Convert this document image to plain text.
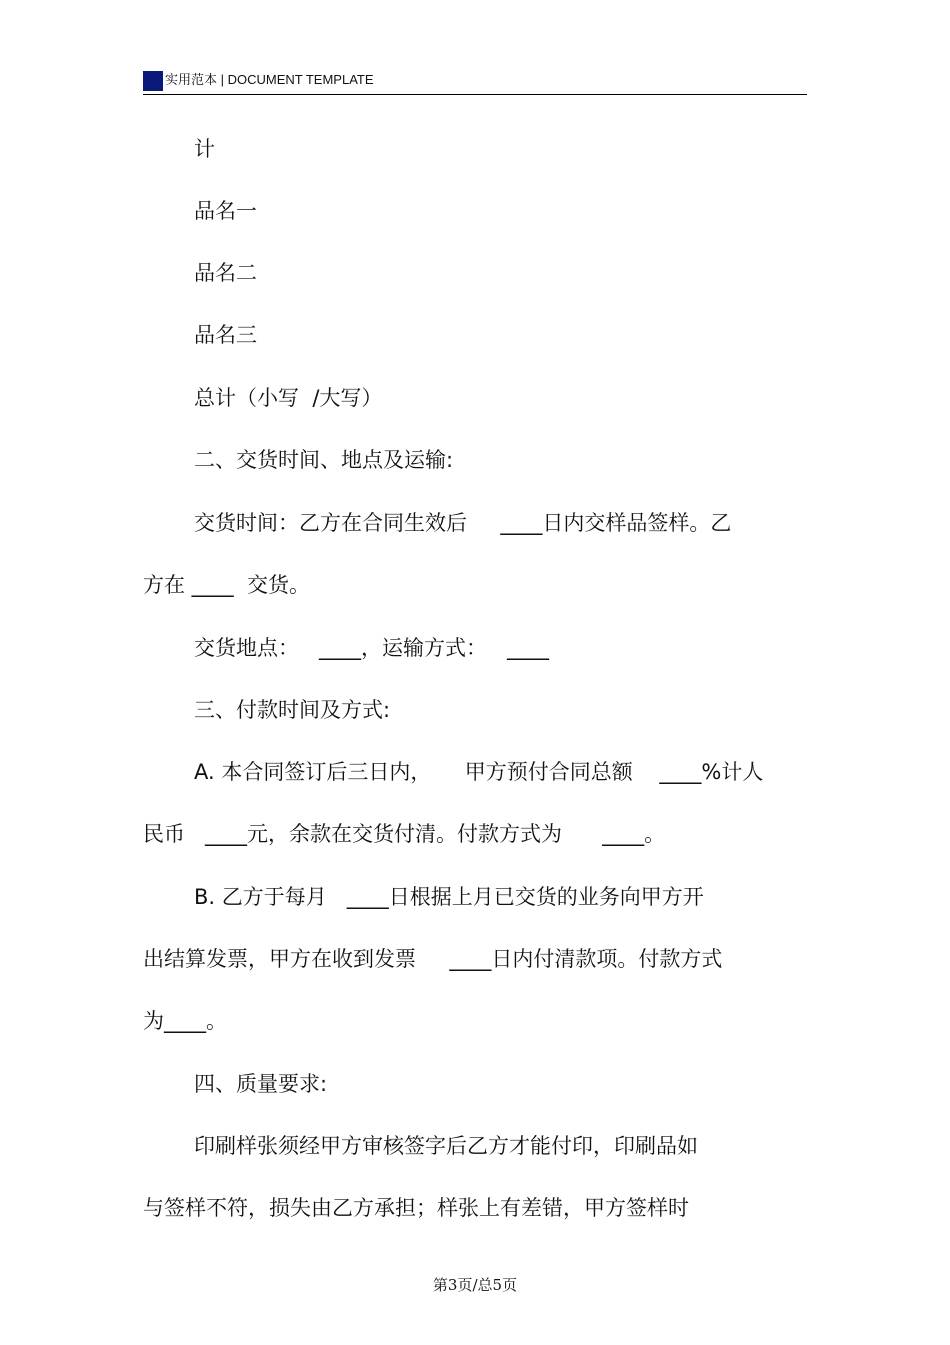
实用范本 | DOCUMENT TEMPLATE
计
品名一
品名二
品名三
总计（小写  /大写）
二、交货时间、地点及运输:
交货时间：乙方在合同生效后     ____日内交样品签样。乙
方在 ____  交货。
交货地点：   ____，运输方式：   ____
三、付款时间及方式:
A. 本合同签订后三日内，     甲方预付合同总额    ____%计人
民币   ____元，余款在交货付清。付款方式为      ____。
B. 乙方于每月   ____日根据上月已交货的业务向甲方开
出结算发票，甲方在收到发票     ____日内付清款项。付款方式
为____。
四、质量要求:
印刷样张须经甲方审核签字后乙方才能付印，印刷品如
与签样不符，损失由乙方承担；样张上有差错，甲方签样时
第3页/总5页
